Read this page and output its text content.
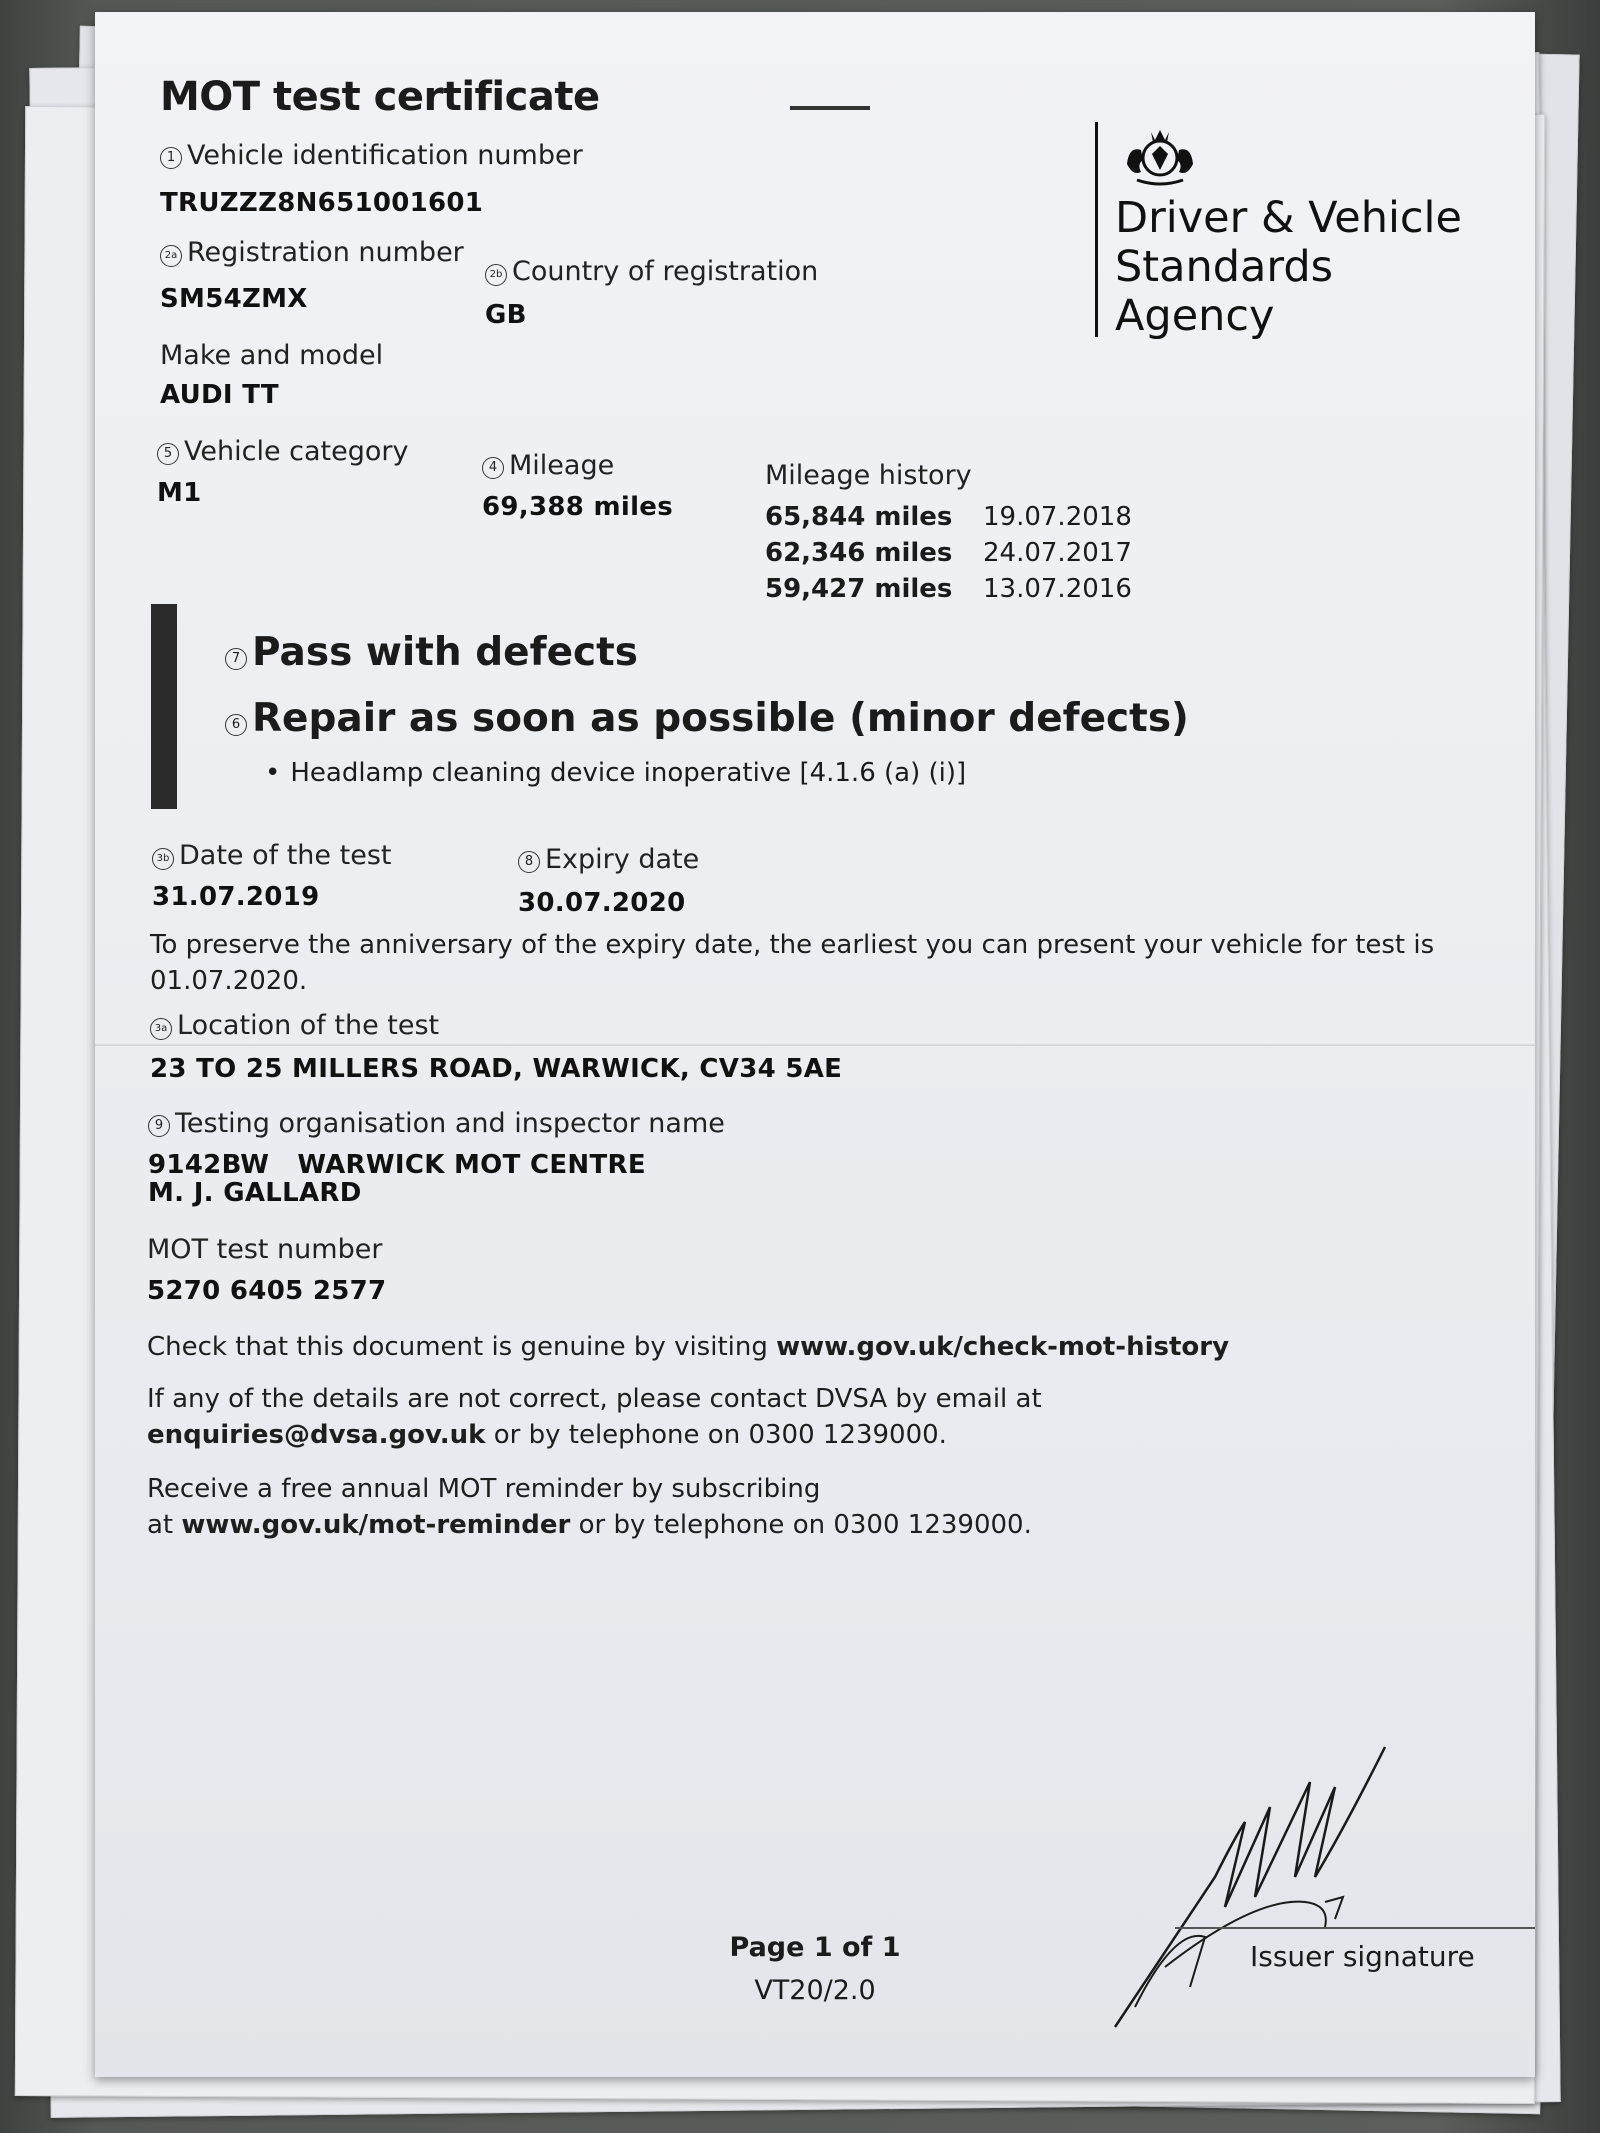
MOT test certificate
Driver & Vehicle
Standards
Agency
1 Vehicle identification number
TRUZZZ8N651001601
2a Registration number
SM54ZMX
2b Country of registration
GB
Make and model
AUDI TT
5 Vehicle category
M1
4 Mileage
69,388 miles
Mileage history
65,844 miles 19.07.2018
62,346 miles 24.07.2017
59,427 miles 13.07.2016
7 Pass with defects
6 Repair as soon as possible (minor defects)
• Headlamp cleaning device inoperative [4.1.6 (a) (i)]
3b Date of the test
31.07.2019
8 Expiry date
30.07.2020
To preserve the anniversary of the expiry date, the earliest you can present your vehicle for test is
01.07.2020.
3a Location of the test
23 TO 25 MILLERS ROAD, WARWICK, CV34 5AE
9 Testing organisation and inspector name
9142BW WARWICK MOT CENTRE
M. J. GALLARD
MOT test number
5270 6405 2577
Check that this document is genuine by visiting www.gov.uk/check-mot-history
If any of the details are not correct, please contact DVSA by email at
enquiries@dvsa.gov.uk or by telephone on 0300 1239000.
Receive a free annual MOT reminder by subscribing
at www.gov.uk/mot-reminder or by telephone on 0300 1239000.
Issuer signature
Page 1 of 1
VT20/2.0
